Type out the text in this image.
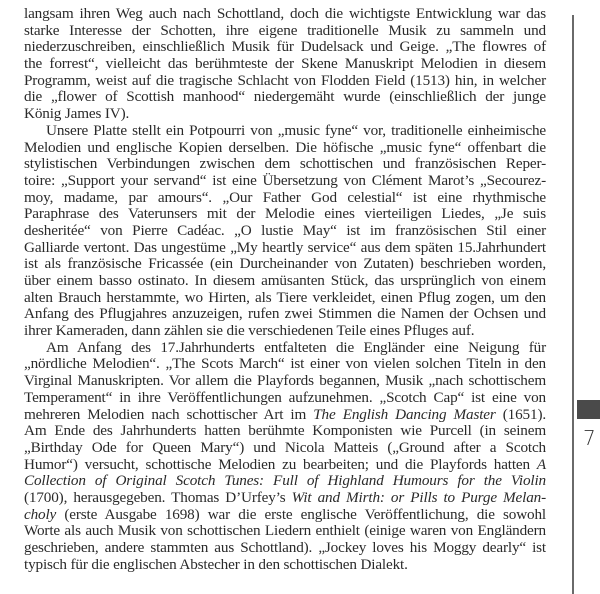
langsam ihren Weg auch nach Schottland, doch die wichtigste Entwicklung war das
starke Interesse der Schotten, ihre eigene traditionelle Musik zu sammeln und
niederzuschreiben, einschließlich Musik für Dudelsack und Geige. „The flowres of
the forrest“, vielleicht das berühmteste der Skene Manuskript Melodien in diesem
Programm, weist auf die tragische Schlacht von Flodden Field (1513) hin, in welcher
die „flower of Scottish manhood“ niedergemäht wurde (einschließlich der junge
König James IV).
Unsere Platte stellt ein Potpourri von „music fyne“ vor, traditionelle einheimische
Melodien und englische Kopien derselben. Die höfische „music fyne“ offenbart die
stylistischen Verbindungen zwischen dem schottischen und französischen Reper-
toire: „Support your servand“ ist eine Übersetzung von Clément Marot’s „Secourez-
moy, madame, par amours“. „Our Father God celestial“ ist eine rhythmische
Paraphrase des Vaterunsers mit der Melodie eines vierteiligen Liedes, „Je suis
desheritée“ von Pierre Cadéac. „O lustie May“ ist im französischen Stil einer
Galliarde vertont. Das ungestüme „My heartly service“ aus dem späten 15.Jahrhundert
ist als französische Fricassée (ein Durcheinander von Zutaten) beschrieben worden,
über einem basso ostinato. In diesem amüsanten Stück, das ursprünglich von einem
alten Brauch herstammte, wo Hirten, als Tiere verkleidet, einen Pflug zogen, um den
Anfang des Pflugjahres anzuzeigen, rufen zwei Stimmen die Namen der Ochsen und
ihrer Kameraden, dann zählen sie die verschiedenen Teile eines Pfluges auf.
Am Anfang des 17.Jahrhunderts entfalteten die Engländer eine Neigung für
„nördliche Melodien“. „The Scots March“ ist einer von vielen solchen Titeln in den
Virginal Manuskripten. Vor allem die Playfords begannen, Musik „nach schottischem
Temperament“ in ihre Veröffentlichungen aufzunehmen. „Scotch Cap“ ist eine von
mehreren Melodien nach schottischer Art im The English Dancing Master (1651).
Am Ende des Jahrhunderts hatten berühmte Komponisten wie Purcell (in seinem
„Birthday Ode for Queen Mary“) und Nicola Matteis („Ground after a Scotch
Humor“) versucht, schottische Melodien zu bearbeiten; und die Playfords hatten A
Collection of Original Scotch Tunes: Full of Highland Humours for the Violin
(1700), herausgegeben. Thomas D’Urfey’s Wit and Mirth: or Pills to Purge Melan-
choly (erste Ausgabe 1698) war die erste englische Veröffentlichung, die sowohl
Worte als auch Musik von schottischen Liedern enthielt (einige waren von Engländern
geschrieben, andere stammten aus Schottland). „Jockey loves his Moggy dearly“ ist
typisch für die englischen Abstecher in den schottischen Dialekt.
7
